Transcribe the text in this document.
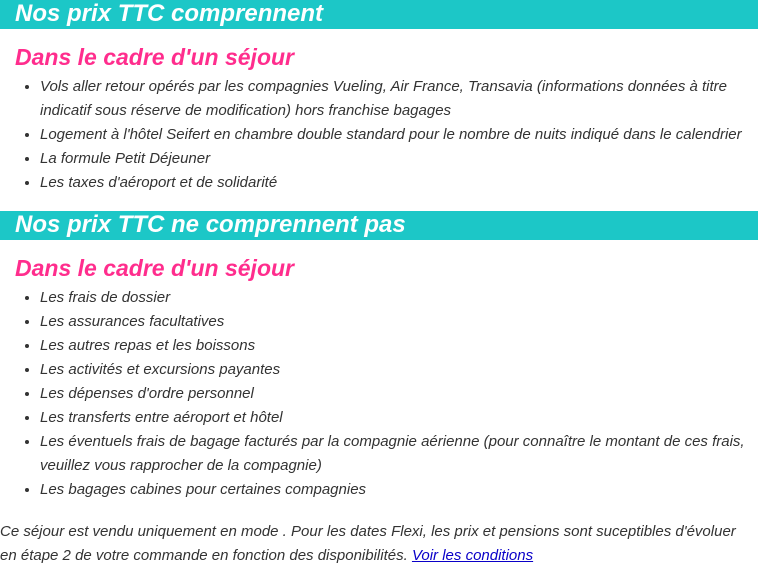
Nos prix TTC comprennent
Dans le cadre d'un séjour
• Vols aller retour opérés par les compagnies Vueling, Air France, Transavia (informations données à titre indicatif sous réserve de modification) hors franchise bagages
• Logement à l'hôtel Seifert en chambre double standard pour le nombre de nuits indiqué dans le calendrier
• La formule Petit Déjeuner
• Les taxes d'aéroport et de solidarité
Nos prix TTC ne comprennent pas
Dans le cadre d'un séjour
• Les frais de dossier
• Les assurances facultatives
• Les autres repas et les boissons
• Les activités et excursions payantes
• Les dépenses d'ordre personnel
• Les transferts entre aéroport et hôtel
• Les éventuels frais de bagage facturés par la compagnie aérienne (pour connaître le montant de ces frais, veuillez vous rapprocher de la compagnie)
• Les bagages cabines pour certaines compagnies

Ce séjour est vendu uniquement en mode . Pour les dates Flexi, les prix et pensions sont suceptibles d'évoluer en étape 2 de votre commande en fonction des disponibilités. Voir les conditions
